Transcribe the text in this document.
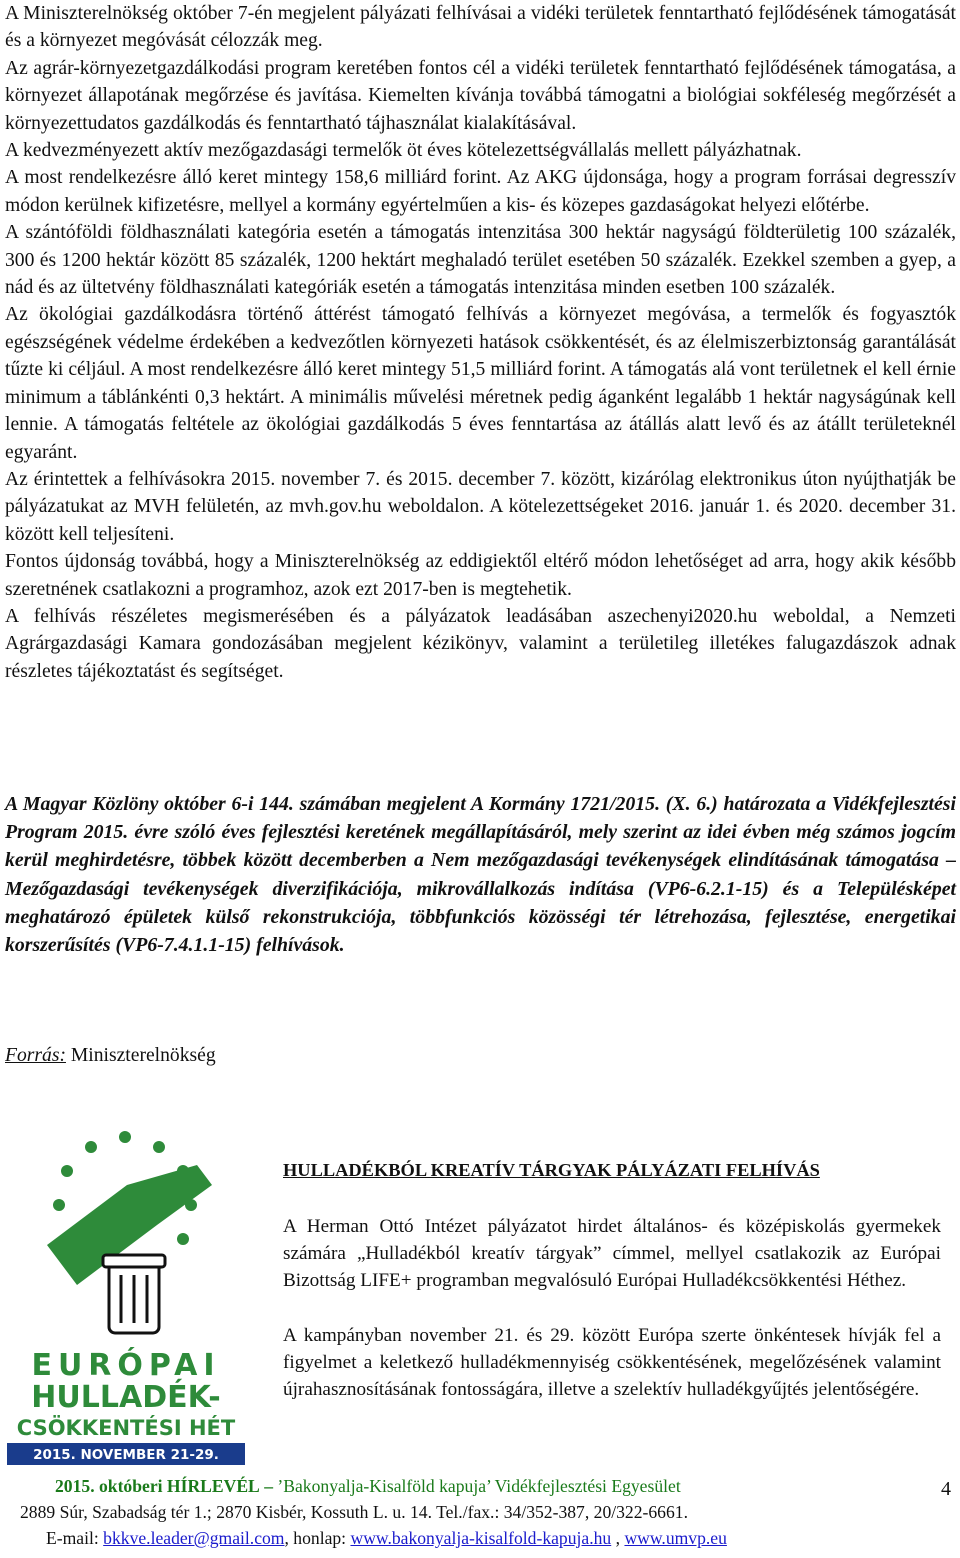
A Miniszterelnökség október 7-én megjelent pályázati felhívásai a vidéki területek fenntartható fejlődésének támogatását és a környezet megóvását célozzák meg.

Az agrár-környezetgazdálkodási program keretében fontos cél a vidéki területek fenntartható fejlődésének támogatása, a környezet állapotának megőrzése és javítása. Kiemelten kívánja továbbá támogatni a biológiai sokféleség megőrzését a környezettudatos gazdálkodás és fenntartható tájhasználat kialakításával.

A kedvezményezett aktív mezőgazdasági termelők öt éves kötelezettségvállalás mellett pályázhatnak.

A most rendelkezésre álló keret mintegy 158,6 milliárd forint. Az AKG újdonsága, hogy a program forrásai degresszív módon kerülnek kifizetésre, mellyel a kormány egyértelműen a kis- és közepes gazdaságokat helyezi előtérbe.

A szántóföldi földhasználati kategória esetén a támogatás intenzitása 300 hektár nagyságú földterületig 100 százalék, 300 és 1200 hektár között 85 százalék, 1200 hektárt meghaladó terület esetében 50 százalék. Ezekkel szemben a gyep, a nád és az ültetvény földhasználati kategóriák esetén a támogatás intenzitása minden esetben 100 százalék.

Az ökológiai gazdálkodásra történő áttérést támogató felhívás a környezet megóvása, a termelők és fogyasztók egészségének védelme érdekében a kedvezőtlen környezeti hatások csökkentését, és az élelmiszerbiztonság garantálását tűzte ki céljául. A most rendelkezésre álló keret mintegy 51,5 milliárd forint. A támogatás alá vont területnek el kell érnie minimum a táblánkénti 0,3 hektárt. A minimális művelési méretnek pedig áganként legalább 1 hektár nagyságúnak kell lennie. A támogatás feltétele az ökológiai gazdálkodás 5 éves fenntartása az átállás alatt levő és az átállt területeknél egyaránt.

Az érintettek a felhívásokra 2015. november 7. és 2015. december 7. között, kizárólag elektronikus úton nyújthatják be pályázatukat az MVH felületén, az mvh.gov.hu weboldalon. A kötelezettségeket 2016. január 1. és 2020. december 31. között kell teljesíteni.

Fontos újdonság továbbá, hogy a Miniszterelnökség az eddigiektől eltérő módon lehetőséget ad arra, hogy akik később szeretnének csatlakozni a programhoz, azok ezt 2017-ben is megtehetik.

A felhívás részéletes megismerésében és a pályázatok leadásában aszechenyi2020.hu weboldal, a Nemzeti Agrárgazdasági Kamara gondozásában megjelent kézikönyv, valamint a területileg illetékes falugazdászok adnak részletes tájékoztatást és segítséget.

A Magyar Közlöny október 6-i 144. számában megjelent A Kormány 1721/2015. (X. 6.) határozata a Vidékfejlesztési Program 2015. évre szóló éves fejlesztési keretének megállapításáról, mely szerint az idei évben még számos jogcím kerül meghirdetésre, többek között decemberben a Nem mezőgazdasági tevékenységek elindításának támogatása – Mezőgazdasági tevékenységek diverzifikációja, mikrovállalkozás indítása (VP6-6.2.1-15) és a Településképet meghatározó épületek külső rekonstrukciója, többfunkciós közösségi tér létrehozása, fejlesztése, energetikai korszerűsítés (VP6-7.4.1.1-15) felhívások.

Forrás: Miniszterelnökség
EURÓPAI
HULLADÉK-
CSÖKKENTÉSI HÉT
2015. NOVEMBER 21-29.
HULLADÉKBÓL KREATÍV TÁRGYAK PÁLYÁZATI FELHÍVÁS

A Herman Ottó Intézet pályázatot hirdet általános- és középiskolás gyermekek számára „Hulladékból kreatív tárgyak” címmel, mellyel csatlakozik az Európai Bizottság LIFE+ programban megvalósuló Európai Hulladékcsökkentési Héthez.

A kampányban november 21. és 29. között Európa szerte önkéntesek hívják fel a figyelmet a keletkező hulladékmennyiség csökkentésének, megelőzésének valamint újrahasznosításának fontosságára, illetve a szelektív hulladékgyűjtés jelentőségére.

2015. októberi HÍRLEVÉL – ’Bakonyalja-Kisalföld kapuja’ Vidékfejlesztési Egyesület
2889 Súr, Szabadság tér 1.; 2870 Kisbér, Kossuth L. u. 14. Tel./fax.: 34/352-387, 20/322-6661.
E-mail: bkkve.leader@gmail.com, honlap: www.bakonyalja-kisalfold-kapuja.hu , www.umvp.eu
4
